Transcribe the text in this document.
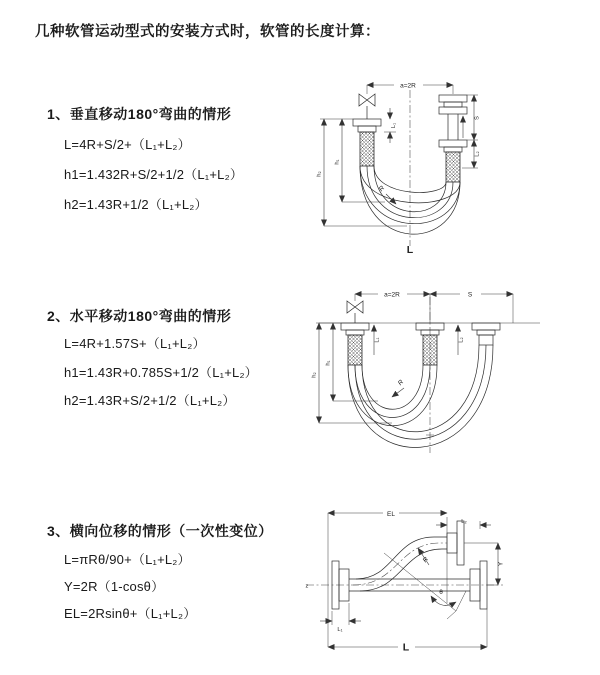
几种软管运动型式的安装方式时，软管的长度计算：
1、垂直移动180°弯曲的情形
L=4R+S/2+（L₁+L₂）
h1=1.432R+S/2+1/2（L₁+L₂）
h2=1.43R+1/2（L₁+L₂）
2、水平移动180°弯曲的情形
L=4R+1.57S+（L₁+L₂）
h1=1.43R+0.785S+1/2（L₁+L₂）
h2=1.43R+S/2+1/2（L₁+L₂）
3、横向位移的情形（一次性变位）
L=πRθ/90+（L₁+L₂）
Y=2R（1-cosθ）
EL=2Rsinθ+（L₁+L₂）
a=2R
S
L₂
L₁
h₁
h₂
R
L
a=2R	S
L₁	L₂
h₁
h₂
R
z
EL
L₂
Y
L
L₁
R
θ
